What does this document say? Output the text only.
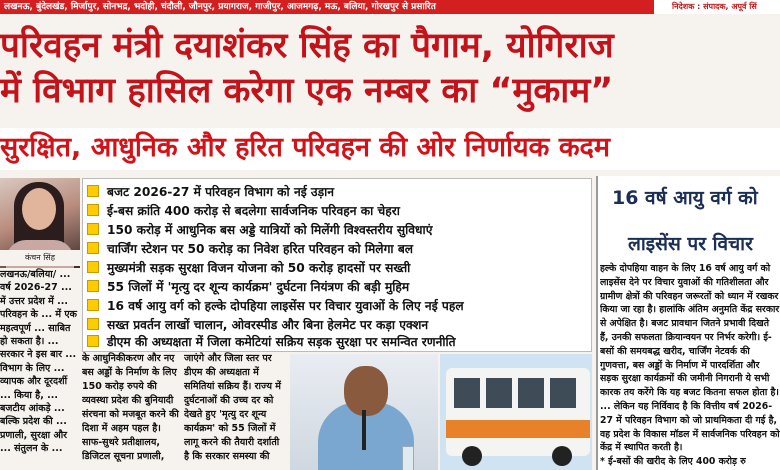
लखनऊ, बुंदेलखंड, मिर्जापुर, सोनभद्र, भदोही, चंदौली, जौनपुर, प्रयागराज, गाजीपुर, आजमगढ़, मऊ, बलिया, गोरखपुर से प्रसारित	निदेशक : संपादक, अपूर्व सिं
परिवहन मंत्री दयाशंकर सिंह का पैगाम, योगिराज
में विभाग हासिल करेगा एक नम्बर का “मुकाम”
सुरक्षित, आधुनिक और हरित परिवहन की ओर निर्णायक कदम
कंचन सिंह
लखनऊ/बलिया/ ... वर्ष 2026-27 ... में उत्तर प्रदेश में ... परिवहन के ... में एक महत्वपूर्ण ... साबित हो सकता है। ... सरकार ने इस बार ... विभाग के लिए ... व्यापक और दूरदर्शी ... किया है, ... बजटीय आंकड़े ... बल्कि प्रदेश की ... प्रणाली, सुरक्षा और ... संतुलन के ...
बजट 2026-27 में परिवहन विभाग को नई उड़ान
ई-बस क्रांति 400 करोड़ से बदलेगा सार्वजनिक परिवहन का चेहरा
150 करोड़ में आधुनिक बस अड्डे यात्रियों को मिलेंगी विश्वस्तरीय सुविधाएं
चार्जिंग स्टेशन पर 50 करोड़ का निवेश हरित परिवहन को मिलेगा बल
मुख्यमंत्री सड़क सुरक्षा विजन योजना को 50 करोड़ हादसों पर सख्ती
55 जिलों में 'मृत्यु दर शून्य कार्यक्रम' दुर्घटना नियंत्रण की बड़ी मुहिम
16 वर्ष आयु वर्ग को हल्के दोपहिया लाइसेंस पर विचार युवाओं के लिए नई पहल
सख्त प्रवर्तन लाखों चालान, ओवरस्पीड और बिना हेलमेट पर कड़ा एक्शन
डीएम की अध्यक्षता में जिला कमेटियां सक्रिय सड़क सुरक्षा पर समन्वित रणनीति
के आधुनिकीकरण और नए बस अड्डों के निर्माण के लिए 150 करोड़ रुपये की व्यवस्था प्रदेश की बुनियादी संरचना को मजबूत करने की दिशा में अहम पहल है। साफ-सुथरे प्रतीक्षालय, डिजिटल सूचना प्रणाली,
जाएंगे और जिला स्तर पर डीएम की अध्यक्षता में समितियां सक्रिय हैं। राज्य में दुर्घटनाओं की उच्च दर को देखते हुए 'मृत्यु दर शून्य कार्यक्रम' को 55 जिलों में लागू करने की तैयारी दर्शाती है कि सरकार समस्या की
16 वर्ष आयु वर्ग को
लाइसेंस पर विचार
हल्के दोपहिया वाहन के लिए 16 वर्ष आयु वर्ग को लाइसेंस देने पर विचार युवाओं की गतिशीलता और ग्रामीण क्षेत्रों की परिवहन जरूरतों को ध्यान में रखकर किया जा रहा है। हालांकि अंतिम अनुमति केंद्र सरकार से अपेक्षित है। बजट प्रावधान जितने प्रभावी दिखते हैं, उनकी सफलता क्रियान्वयन पर निर्भर करेगी। ई-बसों की समयबद्ध खरीद, चार्जिंग नेटवर्क की गुणवत्ता, बस अड्डों के निर्माण में पारदर्शिता और सड़क सुरक्षा कार्यक्रमों की जमीनी निगरानी ये सभी कारक तय करेंगे कि यह बजट कितना सफल होता है। ... लेकिन यह निर्विवाद है कि वित्तीय वर्ष 2026-27 में परिवहन विभाग को जो प्राथमिकता दी गई है, वह प्रदेश के विकास मॉडल में सार्वजनिक परिवहन को केंद्र में स्थापित करती है।
* ई-बसों की खरीद के लिए 400 करोड़ रु
